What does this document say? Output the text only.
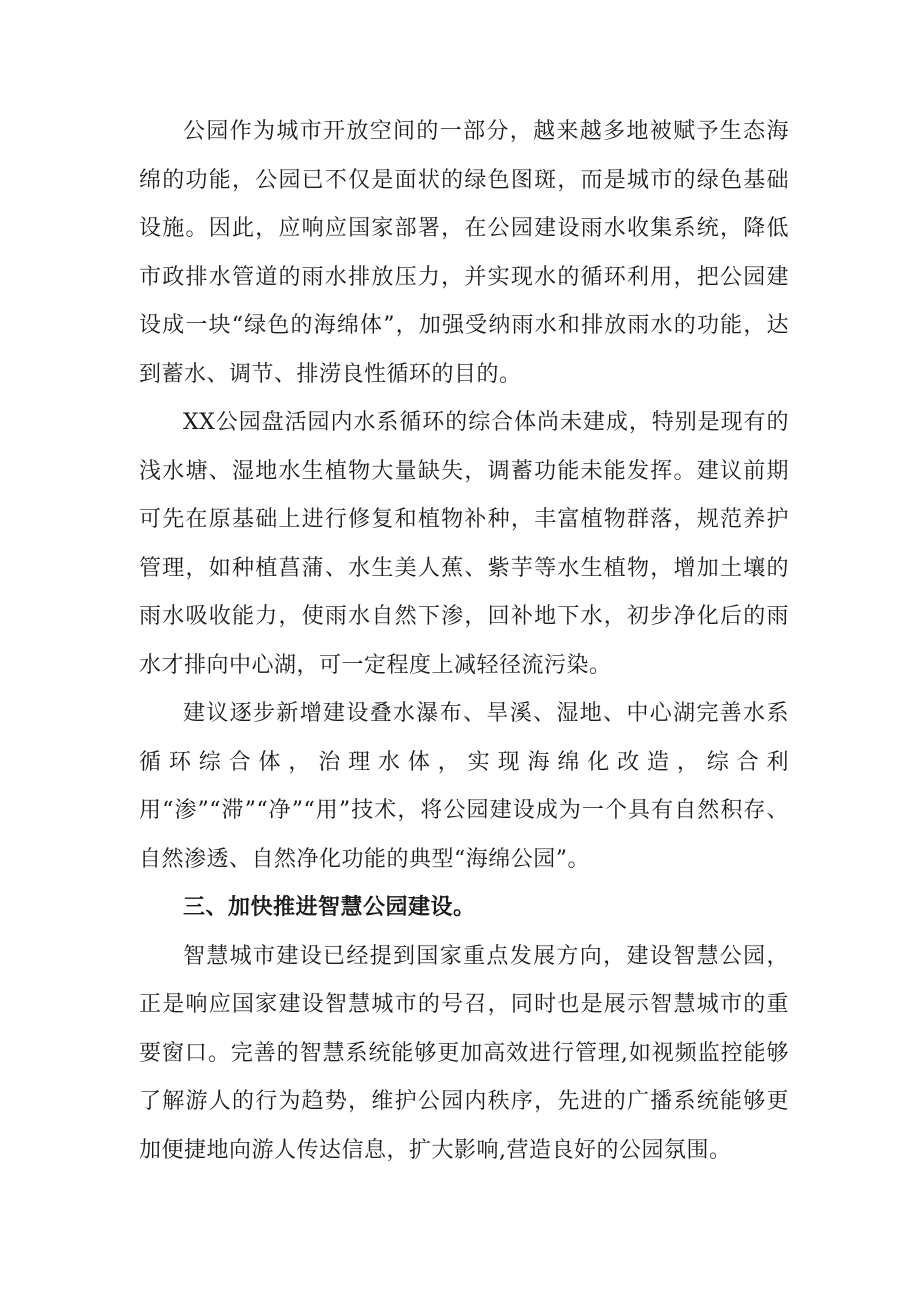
公园作为城市开放空间的一部分，越来越多地被赋予生态海绵的功能，公园已不仅是面状的绿色图斑，而是城市的绿色基础设施。因此，应响应国家部署，在公园建设雨水收集系统，降低市政排水管道的雨水排放压力，并实现水的循环利用，把公园建设成一块“绿色的海绵体”，加强受纳雨水和排放雨水的功能，达到蓄水、调节、排涝良性循环的目的。

XX公园盘活园内水系循环的综合体尚未建成，特别是现有的浅水塘、湿地水生植物大量缺失，调蓄功能未能发挥。建议前期可先在原基础上进行修复和植物补种，丰富植物群落，规范养护管理，如种植菖蒲、水生美人蕉、紫芋等水生植物，增加土壤的雨水吸收能力，使雨水自然下渗，回补地下水，初步净化后的雨水才排向中心湖，可一定程度上减轻径流污染。

建议逐步新增建设叠水瀑布、旱溪、湿地、中心湖完善水系循环综合体，治理水体，实现海绵化改造，综合利用“渗”“滞”“净”“用”技术，将公园建设成为一个具有自然积存、自然渗透、自然净化功能的典型“海绵公园”。

三、加快推进智慧公园建设。

智慧城市建设已经提到国家重点发展方向，建设智慧公园，正是响应国家建设智慧城市的号召，同时也是展示智慧城市的重要窗口。完善的智慧系统能够更加高效进行管理,如视频监控能够了解游人的行为趋势，维护公园内秩序，先进的广播系统能够更加便捷地向游人传达信息，扩大影响,营造良好的公园氛围。
